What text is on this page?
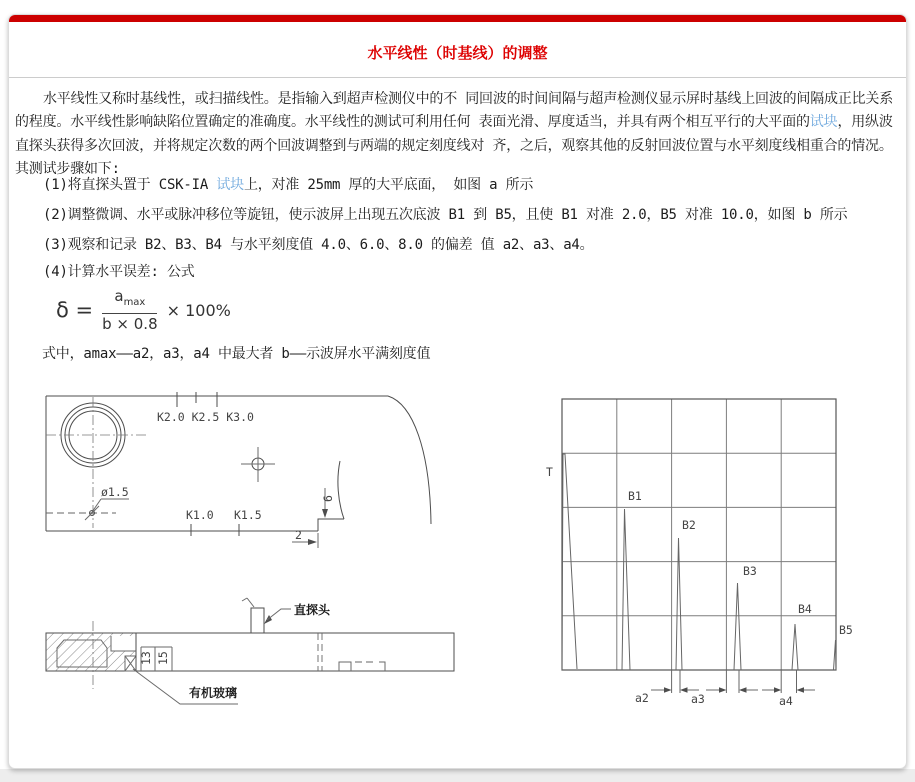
水平线性（时基线）的调整
水平线性又称时基线性，或扫描线性。是指输入到超声检测仪中的不 同回波的时间间隔与超声检测仪显示屏时基线上回波的间隔成正比关系的程度。水平线性影响缺陷位置确定的准确度。水平线性的测试可利用任何 表面光滑、厚度适当，并具有两个相互平行的大平面的试块，用纵波直探头获得多次回波，并将规定次数的两个回波调整到与两端的规定刻度线对 齐，之后，观察其他的反射回波位置与水平刻度线相重合的情况。其测试步骤如下:
(1)将直探头置于 CSK-IA 试块上，对准 25mm 厚的大平底面， 如图 a 所示
(2)调整微调、水平或脉冲移位等旋钮，使示波屏上出现五次底波 B1 到 B5，且使 B1 对准 2.0，B5 对准 10.0，如图 b 所示
(3)观察和记录 B2、B3、B4 与水平刻度值 4.0、6.0、8.0 的偏差 值 a2、a3、a4。
(4)计算水平误差: 公式
$\delta = \frac{a_{max}}{b \times 0.8} \times 100\%$
式中，amax——a2，a3，a4 中最大者 b——示波屏水平满刻度值
K2.0 K2.5 K3.0
ø1.5
K1.0 K1.5
6
2
13 15
直探头
有机玻璃
T
B1
B2
B3
B4
B5
a2	a3	a4
